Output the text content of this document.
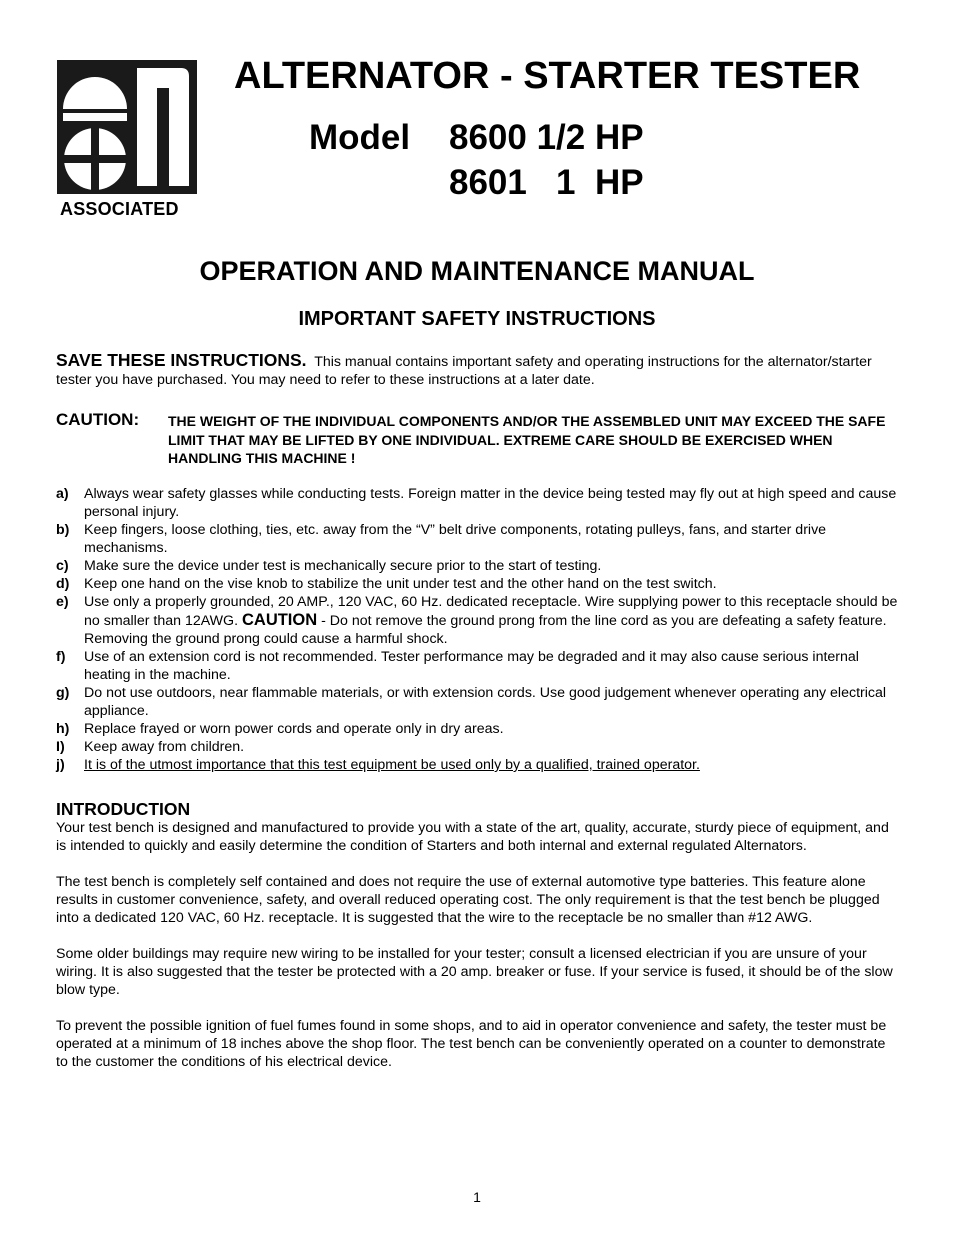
ASSOCIATED
ALTERNATOR - STARTER TESTER
Model 8600 1/2 HP
8601   1  HP
OPERATION AND MAINTENANCE MANUAL
IMPORTANT SAFETY INSTRUCTIONS
SAVE THESE INSTRUCTIONS. This manual contains important safety and operating instructions for the alternator/starter tester you have purchased. You may need to refer to these instructions at a later date.
CAUTION: THE WEIGHT OF THE INDIVIDUAL COMPONENTS AND/OR THE ASSEMBLED UNIT MAY EXCEED THE SAFE LIMIT THAT MAY BE LIFTED BY ONE INDIVIDUAL. EXTREME CARE SHOULD BE EXERCISED WHEN HANDLING THIS MACHINE !
a)	Always wear safety glasses while conducting tests. Foreign matter in the device being tested may fly out at high speed and cause personal injury.
b)	Keep fingers, loose clothing, ties, etc. away from the “V” belt drive components, rotating pulleys, fans, and starter drive mechanisms.
c)	Make sure the device under test is mechanically secure prior to the start of testing.
d)	Keep one hand on the vise knob to stabilize the unit under test and the other hand on the test switch.
e)	Use only a properly grounded, 20 AMP., 120 VAC, 60 Hz. dedicated receptacle. Wire supplying power to this receptacle should be no smaller than 12AWG. CAUTION - Do not remove the ground prong from the line cord as you are defeating a safety feature. Removing the ground prong could cause a harmful shock.
f)	Use of an extension cord is not recommended. Tester performance may be degraded and it may also cause serious internal heating in the machine.
g)	Do not use outdoors, near flammable materials, or with extension cords. Use good judgement whenever operating any electrical appliance.
h)	Replace frayed or worn power cords and operate only in dry areas.
I)	Keep away from children.
j)	It is of the utmost importance that this test equipment be used only by a qualified, trained operator.
INTRODUCTION

Your test bench is designed and manufactured to provide you with a state of the art, quality, accurate, sturdy piece of equipment, and is intended to quickly and easily determine the condition of Starters and both internal and external regulated Alternators.

The test bench is completely self contained and does not require the use of external automotive type batteries. This feature alone results in customer convenience, safety, and overall reduced operating cost. The only requirement is that the test bench be plugged into a dedicated 120 VAC, 60 Hz. receptacle. It is suggested that the wire to the receptacle be no smaller than #12 AWG.

Some older buildings may require new wiring to be installed for your tester; consult a licensed electrician if you are unsure of your wiring. It is also suggested that the tester be protected with a 20 amp. breaker or fuse. If your service is fused, it should be of the slow blow type.

To prevent the possible ignition of fuel fumes found in some shops, and to aid in operator convenience and safety, the tester must be operated at a minimum of 18 inches above the shop floor. The test bench can be conveniently operated on a counter to demonstrate to the customer the conditions of his electrical device.

1
